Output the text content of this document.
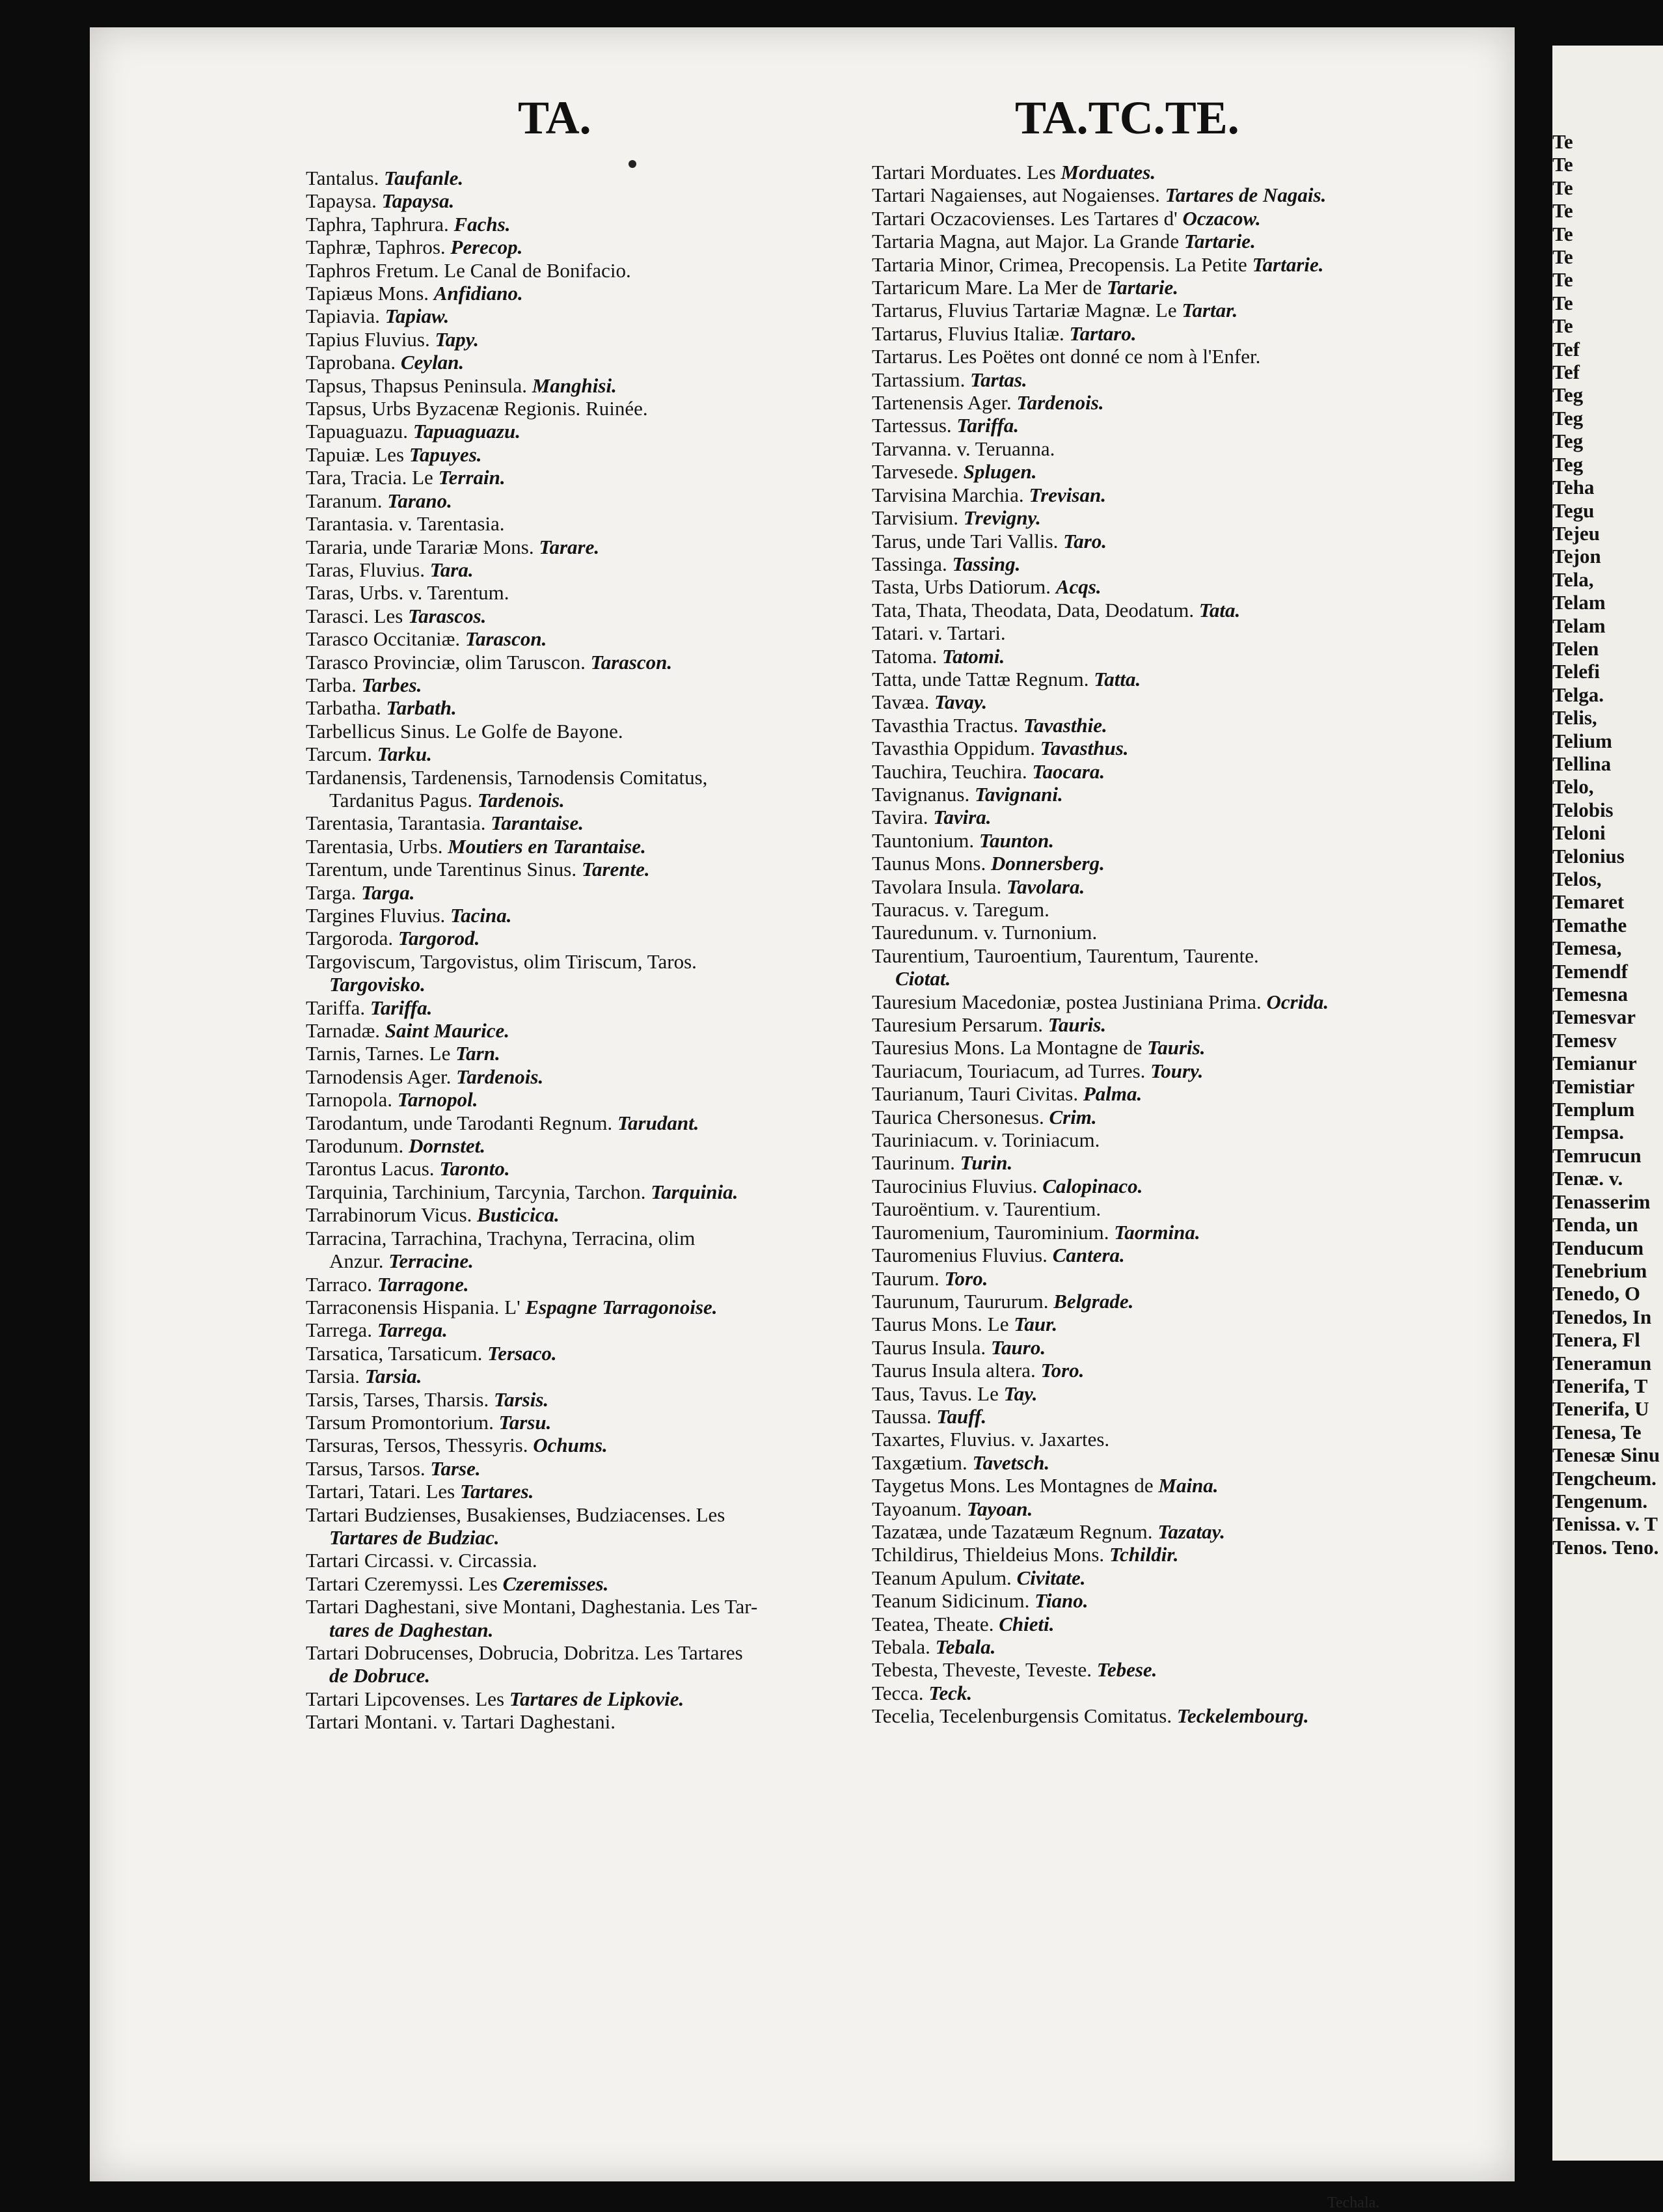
TA.	TA.TC.TE.
Tantalus. Taufanle.
Tapaysa. Tapaysa.
Taphra, Taphrura. Fachs.
Taphræ, Taphros. Perecop.
Taphros Fretum. Le Canal de Bonifacio.
Tapiæus Mons. Anfidiano.
Tapiavia. Tapiaw.
Tapius Fluvius. Tapy.
Taprobana. Ceylan.
Tapsus, Thapsus Peninsula. Manghisi.
Tapsus, Urbs Byzacenæ Regionis. Ruinée.
Tapuaguazu. Tapuaguazu.
Tapuiæ. Les Tapuyes.
Tara, Tracia. Le Terrain.
Taranum. Tarano.
Tarantasia. v. Tarentasia.
Tararia, unde Tarariæ Mons. Tarare.
Taras, Fluvius. Tara.
Taras, Urbs. v. Tarentum.
Tarasci. Les Tarascos.
Tarasco Occitaniæ. Tarascon.
Tarasco Provinciæ, olim Taruscon. Tarascon.
Tarba. Tarbes.
Tarbatha. Tarbath.
Tarbellicus Sinus. Le Golfe de Bayone.
Tarcum. Tarku.
Tardanensis, Tardenensis, Tarnodensis Comitatus,
Tardanitus Pagus. Tardenois.
Tarentasia, Tarantasia. Tarantaise.
Tarentasia, Urbs. Moutiers en Tarantaise.
Tarentum, unde Tarentinus Sinus. Tarente.
Targa. Targa.
Targines Fluvius. Tacina.
Targoroda. Targorod.
Targoviscum, Targovistus, olim Tiriscum, Taros.
Targovisko.
Tariffa. Tariffa.
Tarnadæ. Saint Maurice.
Tarnis, Tarnes. Le Tarn.
Tarnodensis Ager. Tardenois.
Tarnopola. Tarnopol.
Tarodantum, unde Tarodanti Regnum. Tarudant.
Tarodunum. Dornstet.
Tarontus Lacus. Taronto.
Tarquinia, Tarchinium, Tarcynia, Tarchon. Tarquinia.
Tarrabinorum Vicus. Busticica.
Tarracina, Tarrachina, Trachyna, Terracina, olim
Anzur. Terracine.
Tarraco. Tarragone.
Tarraconensis Hispania. L' Espagne Tarragonoise.
Tarrega. Tarrega.
Tarsatica, Tarsaticum. Tersaco.
Tarsia. Tarsia.
Tarsis, Tarses, Tharsis. Tarsis.
Tarsum Promontorium. Tarsu.
Tarsuras, Tersos, Thessyris. Ochums.
Tarsus, Tarsos. Tarse.
Tartari, Tatari. Les Tartares.
Tartari Budzienses, Busakienses, Budziacenses. Les
Tartares de Budziac.
Tartari Circassi. v. Circassia.
Tartari Czeremyssi. Les Czeremisses.
Tartari Daghestani, sive Montani, Daghestania. Les Tar-
tares de Daghestan.
Tartari Dobrucenses, Dobrucia, Dobritza. Les Tartares
de Dobruce.
Tartari Lipcovenses. Les Tartares de Lipkovie.
Tartari Montani. v. Tartari Daghestani.
Tartari Morduates. Les Morduates.
Tartari Nagaienses, aut Nogaienses. Tartares de Nagais.
Tartari Oczacovienses. Les Tartares d' Oczacow.
Tartaria Magna, aut Major. La Grande Tartarie.
Tartaria Minor, Crimea, Precopensis. La Petite Tartarie.
Tartaricum Mare. La Mer de Tartarie.
Tartarus, Fluvius Tartariæ Magnæ. Le Tartar.
Tartarus, Fluvius Italiæ. Tartaro.
Tartarus. Les Poëtes ont donné ce nom à l'Enfer.
Tartassium. Tartas.
Tartenensis Ager. Tardenois.
Tartessus. Tariffa.
Tarvanna. v. Teruanna.
Tarvesede. Splugen.
Tarvisina Marchia. Trevisan.
Tarvisium. Trevigny.
Tarus, unde Tari Vallis. Taro.
Tassinga. Tassing.
Tasta, Urbs Datiorum. Acqs.
Tata, Thata, Theodata, Data, Deodatum. Tata.
Tatari. v. Tartari.
Tatoma. Tatomi.
Tatta, unde Tattæ Regnum. Tatta.
Tavæa. Tavay.
Tavasthia Tractus. Tavasthie.
Tavasthia Oppidum. Tavasthus.
Tauchira, Teuchira. Taocara.
Tavignanus. Tavignani.
Tavira. Tavira.
Tauntonium. Taunton.
Taunus Mons. Donnersberg.
Tavolara Insula. Tavolara.
Tauracus. v. Taregum.
Tauredunum. v. Turnonium.
Taurentium, Tauroentium, Taurentum, Taurente.
Ciotat.
Tauresium Macedoniæ, postea Justiniana Prima. Ocrida.
Tauresium Persarum. Tauris.
Tauresius Mons. La Montagne de Tauris.
Tauriacum, Touriacum, ad Turres. Toury.
Taurianum, Tauri Civitas. Palma.
Taurica Chersonesus. Crim.
Tauriniacum. v. Toriniacum.
Taurinum. Turin.
Taurocinius Fluvius. Calopinaco.
Tauroëntium. v. Taurentium.
Tauromenium, Taurominium. Taormina.
Tauromenius Fluvius. Cantera.
Taurum. Toro.
Taurunum, Taururum. Belgrade.
Taurus Mons. Le Taur.
Taurus Insula. Tauro.
Taurus Insula altera. Toro.
Taus, Tavus. Le Tay.
Taussa. Tauff.
Taxartes, Fluvius. v. Jaxartes.
Taxgætium. Tavetsch.
Taygetus Mons. Les Montagnes de Maina.
Tayoanum. Tayoan.
Tazatæa, unde Tazatæum Regnum. Tazatay.
Tchildirus, Thieldeius Mons. Tchildir.
Teanum Apulum. Civitate.
Teanum Sidicinum. Tiano.
Teatea, Theate. Chieti.
Tebala. Tebala.
Tebesta, Theveste, Teveste. Tebese.
Tecca. Teck.
Tecelia, Tecelenburgensis Comitatus. Teckelembourg.
Te
Te
Te
Te
Te
Te
Te
Te
Te
Tef
Tef
Teg
Teg
Teg
Teg
Teha
Tegu
Tejeu
Tejon
Tela,
Telam
Telam
Telen
Telefi
Telga.
Telis,
Telium
Tellina
Telo,
Telobis
Teloni
Telonius
Telos,
Temaret
Temathe
Temesa,
Temendf
Temesna
Temesvar
Temesv
Temianur
Temistiar
Templum
Tempsa.
Temrucun
Tenæ. v.
Tenasserim
Tenda, un
Tenducum
Tenebrium
Tenedo, O
Tenedos, In
Tenera, Fl
Teneramun
Tenerifa, T
Tenerifa, U
Tenesa, Te
Tenesæ Sinu
Tengcheum.
Tengenum.
Tenissa. v. T
Tenos. Teno.
Techala.
